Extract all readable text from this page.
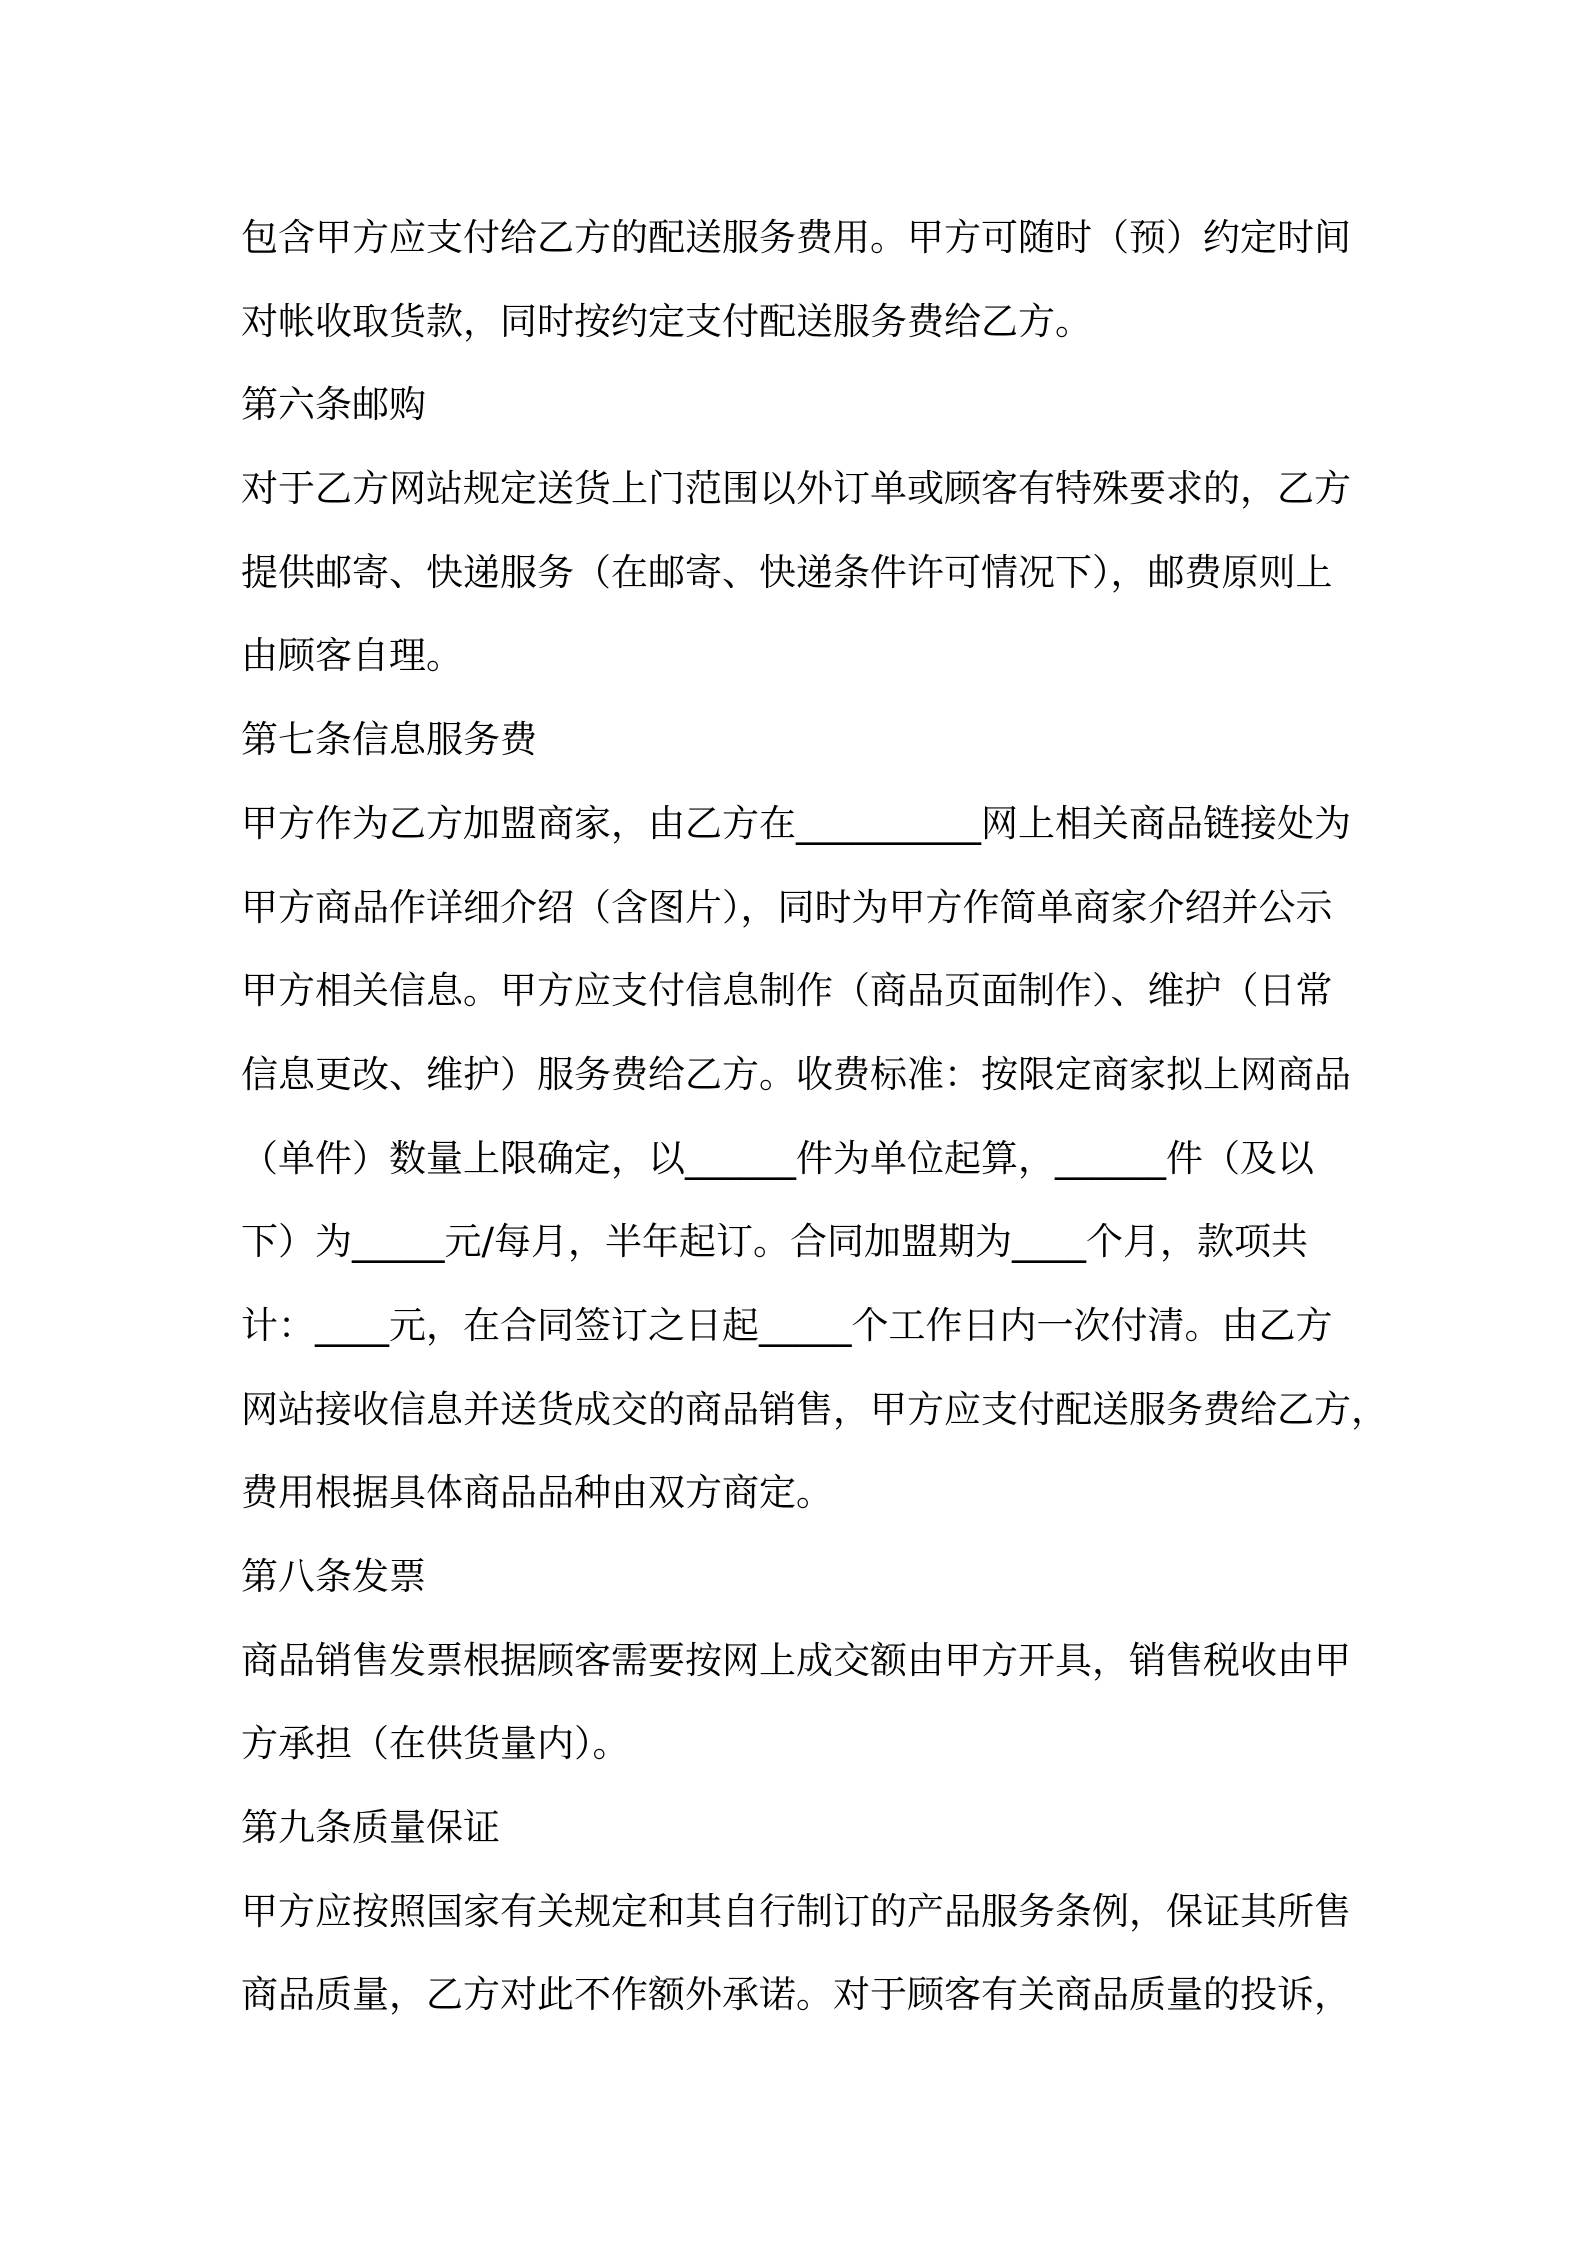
包含甲方应支付给乙方的配送服务费用。甲方可随时（预）约定时间
对帐收取货款，同时按约定支付配送服务费给乙方。
第六条邮购
对于乙方网站规定送货上门范围以外订单或顾客有特殊要求的，乙方
提供邮寄、快递服务（在邮寄、快递条件许可情况下），邮费原则上
由顾客自理。
第七条信息服务费
甲方作为乙方加盟商家，由乙方在__________网上相关商品链接处为
甲方商品作详细介绍（含图片），同时为甲方作简单商家介绍并公示
甲方相关信息。甲方应支付信息制作（商品页面制作）、维护（日常
信息更改、维护）服务费给乙方。收费标准：按限定商家拟上网商品
（单件）数量上限确定，以______件为单位起算，______件（及以
下）为_____元/每月，半年起订。合同加盟期为____个月，款项共
计：____元，在合同签订之日起_____个工作日内一次付清。由乙方
网站接收信息并送货成交的商品销售，甲方应支付配送服务费给乙方，
费用根据具体商品品种由双方商定。
第八条发票
商品销售发票根据顾客需要按网上成交额由甲方开具，销售税收由甲
方承担（在供货量内）。
第九条质量保证
甲方应按照国家有关规定和其自行制订的产品服务条例，保证其所售
商品质量，乙方对此不作额外承诺。对于顾客有关商品质量的投诉，
